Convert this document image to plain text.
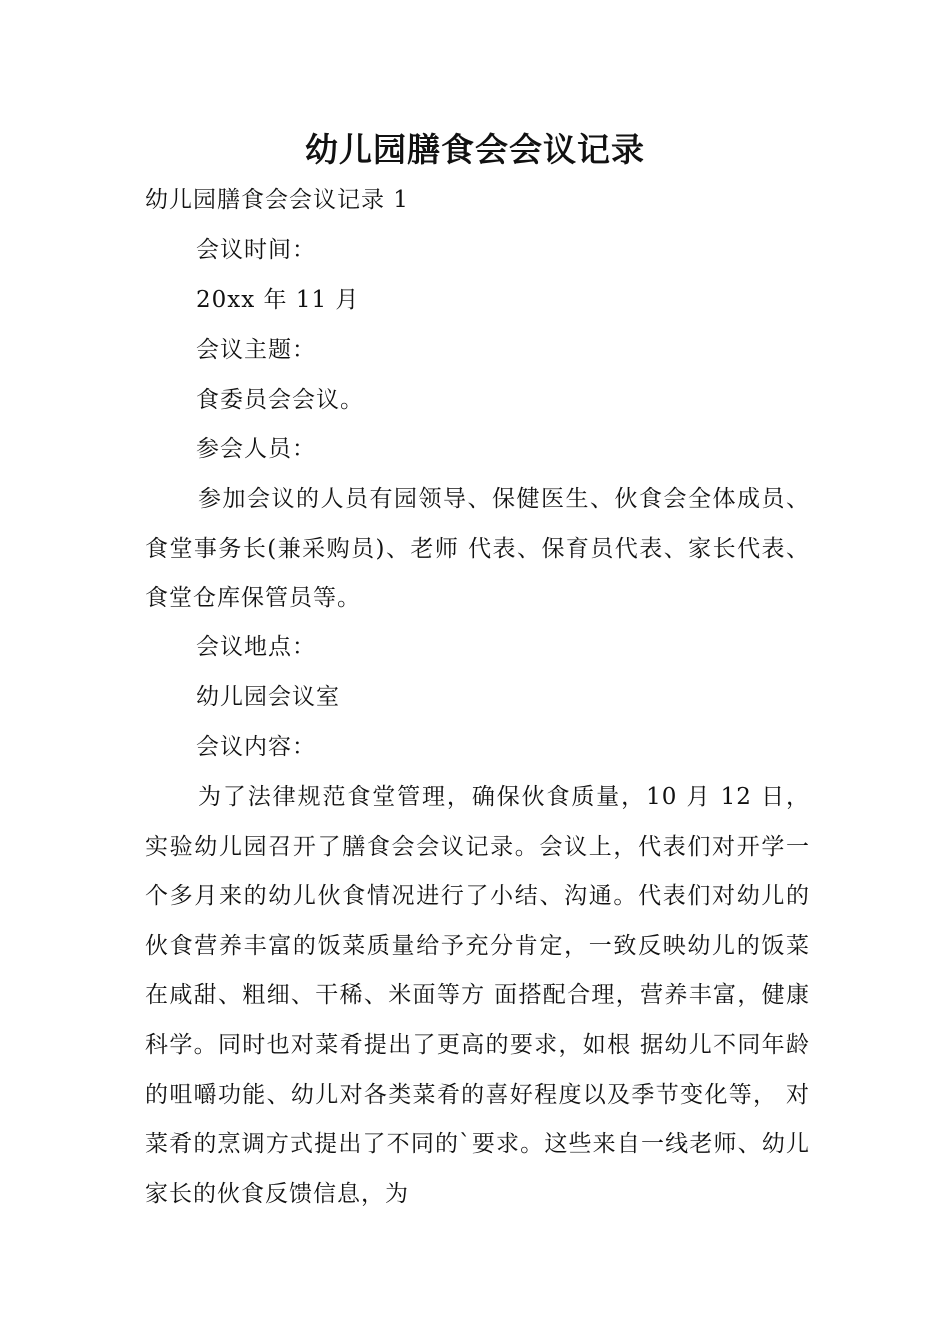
幼儿园膳食会会议记录

幼儿园膳食会会议记录 1

会议时间：

20xx 年 11 月

会议主题：

食委员会会议。

参会人员：

参加会议的人员有园领导、保健医生、伙食会全体成员、食堂事务长(兼采购员)、老师 代表、保育员代表、家长代表、食堂仓库保管员等。

会议地点：

幼儿园会议室

会议内容：

为了法律规范食堂管理，确保伙食质量，10 月 12 日，实验幼儿园召开了膳食会会议记录。会议上，代表们对开学一个多月来的幼儿伙食情况进行了小结、沟通。代表们对幼儿的伙食营养丰富的饭菜质量给予充分肯定，一致反映幼儿的饭菜在咸甜、粗细、干稀、米面等方 面搭配合理，营养丰富，健康科学。同时也对菜肴提出了更高的要求，如根 据幼儿不同年龄的咀嚼功能、幼儿对各类菜肴的喜好程度以及季节变化等， 对菜肴的烹调方式提出了不同的`要求。这些来自一线老师、幼儿家长的伙食反馈信息，为
